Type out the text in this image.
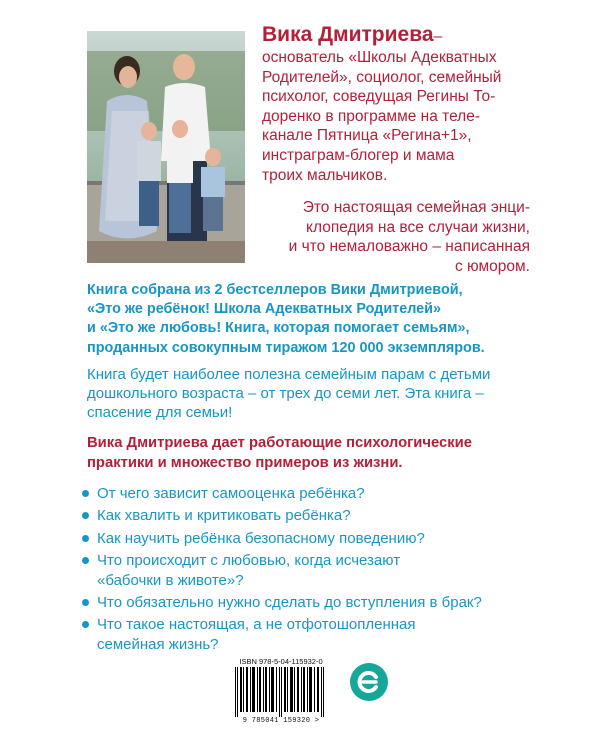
Вика Дмитриева–
основатель «Школы Адекватных
Родителей», социолог, семейный
психолог, соведущая Регины То-
доренко в программе на теле-
канале Пятница «Регина+1»,
инстраграм-блогер и мама
троих мальчиков.
Это настоящая семейная энци-
клопедия на все случаи жизни,
и что немаловажно – написанная
с юмором.
Книга собрана из 2 бестселлеров Вики Дмитриевой,
«Это же ребёнок! Школа Адекватных Родителей»
и «Это же любовь! Книга, которая помогает семьям»,
проданных совокупным тиражом 120 000 экземпляров.
Книга будет наиболее полезна семейным парам с детьми
дошкольного возраста – от трех до семи лет. Эта книга –
спасение для семьи!
Вика Дмитриева дает работающие психологические
практики и множество примеров из жизни.
От чего зависит самооценка ребёнка?
Как хвалить и критиковать ребёнка?
Как научить ребёнка безопасному поведению?
Что происходит с любовью, когда исчезают «бабочки в животе»?
Что обязательно нужно сделать до вступления в брак?
Что такое настоящая, а не отфотошопленная семейная жизнь?
ISBN 978-5-04-115932-0
9 785041 159320 >
